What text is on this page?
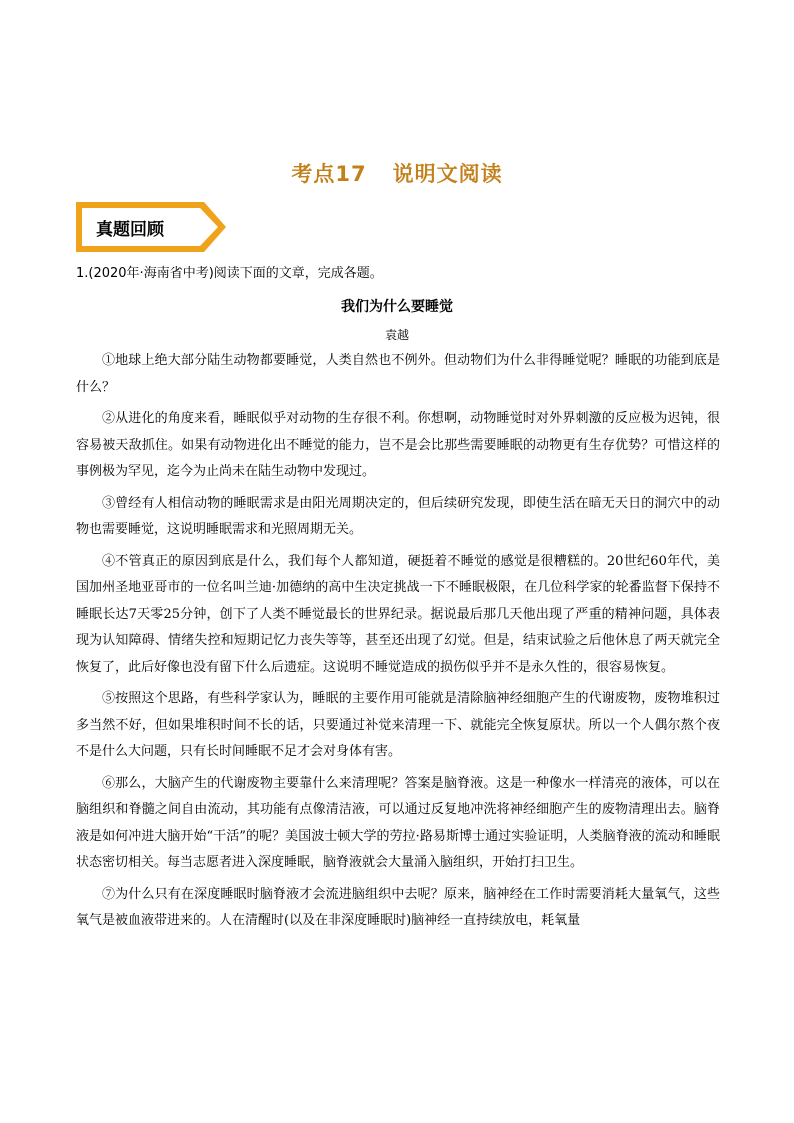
考点17 说明文阅读
真题回顾
1.(2020年·海南省中考)阅读下面的文章，完成各题。
我们为什么要睡觉
袁越

①地球上绝大部分陆生动物都要睡觉，人类自然也不例外。但动物们为什么非得睡觉呢？睡眠的功能到底是什么？

②从进化的角度来看，睡眠似乎对动物的生存很不利。你想啊，动物睡觉时对外界刺激的反应极为迟钝，很容易被天敌抓住。如果有动物进化出不睡觉的能力，岂不是会比那些需要睡眠的动物更有生存优势？可惜这样的事例极为罕见，迄今为止尚未在陆生动物中发现过。

③曾经有人相信动物的睡眠需求是由阳光周期决定的，但后续研究发现，即使生活在暗无天日的洞穴中的动物也需要睡觉，这说明睡眠需求和光照周期无关。

④不管真正的原因到底是什么，我们每个人都知道，硬挺着不睡觉的感觉是很糟糕的。20世纪60年代，美国加州圣地亚哥市的一位名叫兰迪·加德纳的高中生决定挑战一下不睡眠极限，在几位科学家的轮番监督下保持不睡眠长达7天零25分钟，创下了人类不睡觉最长的世界纪录。据说最后那几天他出现了严重的精神问题，具体表现为认知障碍、情绪失控和短期记忆力丧失等等，甚至还出现了幻觉。但是，结束试验之后他休息了两天就完全恢复了，此后好像也没有留下什么后遗症。这说明不睡觉造成的损伤似乎并不是永久性的，很容易恢复。

⑤按照这个思路，有些科学家认为，睡眠的主要作用可能就是清除脑神经细胞产生的代谢废物，废物堆积过多当然不好，但如果堆积时间不长的话，只要通过补觉来清理一下、就能完全恢复原状。所以一个人偶尔熬个夜不是什么大问题，只有长时间睡眠不足才会对身体有害。

⑥那么，大脑产生的代谢废物主要靠什么来清理呢？答案是脑脊液。这是一种像水一样清亮的液体，可以在脑组织和脊髓之间自由流动，其功能有点像清洁液，可以通过反复地冲洗将神经细胞产生的废物清理出去。脑脊液是如何冲进大脑开始“干活”的呢？美国波士顿大学的劳拉·路易斯博士通过实验证明，人类脑脊液的流动和睡眠状态密切相关。每当志愿者进入深度睡眠，脑脊液就会大量涌入脑组织，开始打扫卫生。

⑦为什么只有在深度睡眠时脑脊液才会流进脑组织中去呢？原来，脑神经在工作时需要消耗大量氧气，这些氧气是被血液带进来的。人在清醒时(以及在非深度睡眠时)脑神经一直持续放电，耗氧量
